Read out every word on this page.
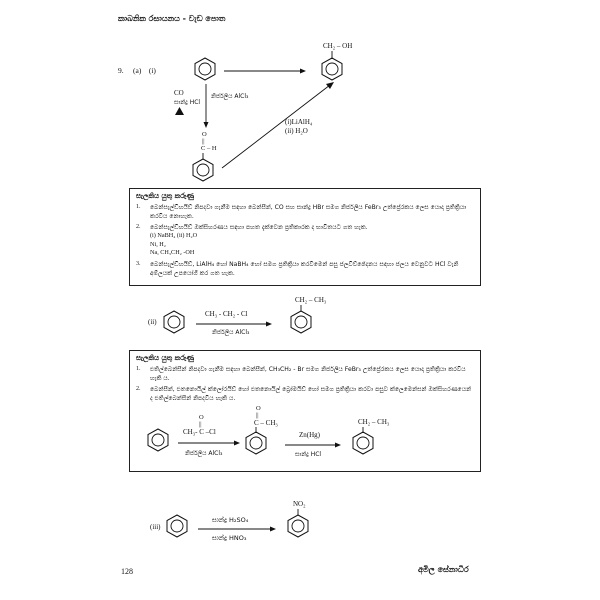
කාබනික රසායනය - වැඩ පොත
9. (a) (i)
CH₂ – OH
CO
සාන්ද්‍ර HCl
නිර්ජලීය AlCl₃
O
||
C – H
(i)LiAlH₄
(ii) H₂O
සැලකිය යුතු කරුණු
1.	බෙන්සැල්ඩිහයිඩ් නිපදවා ගැනීම සඳහා බෙන්සීන්, CO සහ සාන්ද්‍ර HBr සමග නිර්ජලීය FeBr₃ උත්ප්‍රේරකය ලෙස යොදා ප්‍රතික්‍රියා කරවිය නොහැක.
2.	බෙන්සැල්ඩිහයිඩ් ඔක්සිහරණය සඳහා පහත දැක්වෙන ප්‍රතිකාරක ද භාවිතයට ගත හැක.
(i) NaBH₄ (ii) H₂O
Ni, H₂
Na, CH₃CH₂ -OH
3.	බෙන්සැල්ඩිහයිඩ්, LiAlH₄ හෝ NaBH₄ හෝ සමග ප්‍රතික්‍රියා කරවීමෙන් පසු ජලවිච්ඡේදනය සඳහා ජලය වෙනුවට HCl වැනි අම්ලයක් උපයෝගී කර ගත හැක.
(ii)
CH₃ - CH₂ - Cl
නිර්ජලීය AlCl₃
CH₂ – CH₃
සැලකිය යුතු කරුණු
1.	එතිල්බෙන්සීන් නිපදවා ගැනීම සඳහා බෙන්සීන්, CH₃CH₂ - Br සමග නිර්ජලීය FeBr₃ උත්ප්‍රේරකය ලෙස යොදා ප්‍රතික්‍රියා කරවිය හැකි ය.
2.	බෙන්සීන්, එතනොයිල් ක්ලෝරයිඩ් හෝ එතනොයිල් බ්‍රෝමයිඩ් හෝ සමග ප්‍රතික්‍රියා කරවා පසුව ක්ලෙමෙන්සන් ඔක්සිහරණයෙන් ද එතිල්බෙන්සීන් නිපදවිය හැකි ය.
O
||
CH₃- C –Cl
නිර්ජලීය AlCl₃
O
||
C – CH₃
Zn(Hg)
සාන්ද්‍ර HCl
CH₂ – CH₃
(iii)
සාන්ද්‍ර H₂SO₄
සාන්ද්‍ර HNO₃
NO₂
128	අමිල සේනාධීර
